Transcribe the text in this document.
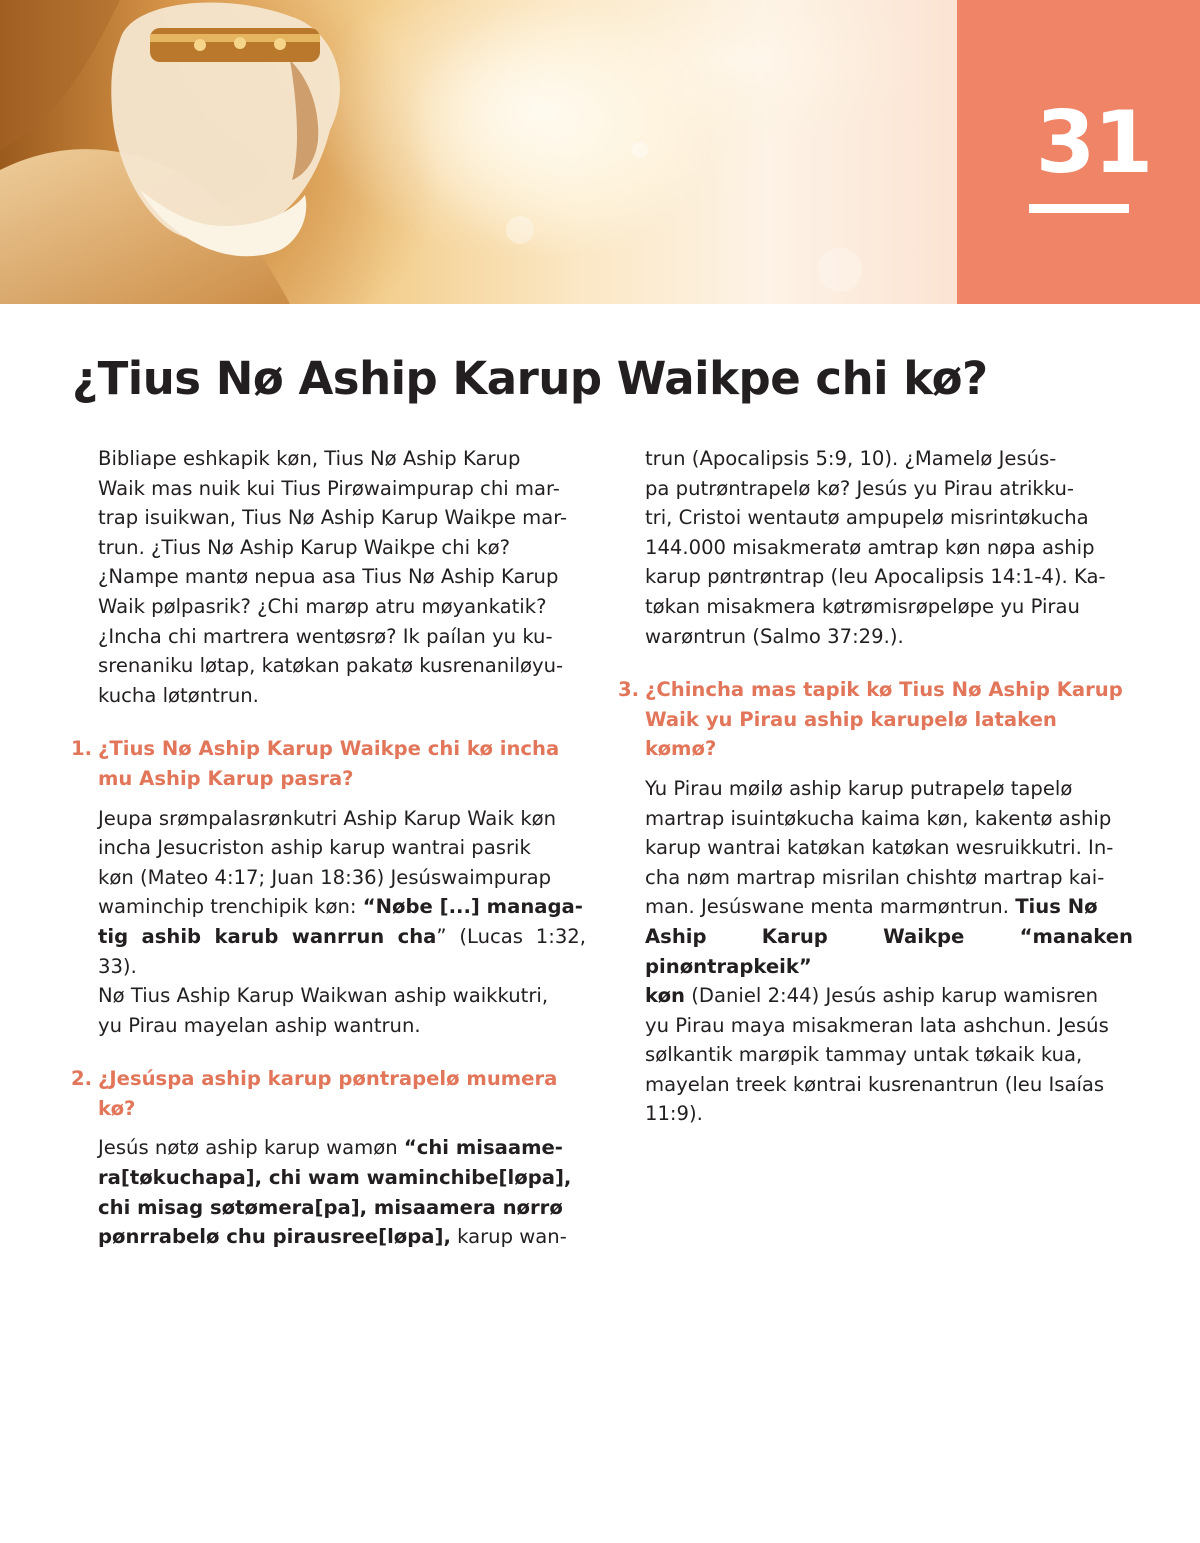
31
¿Tius Nø Aship Karup Waikpe chi kø?

Bibliape eshkapik køn, Tius Nø Aship Karup
Waik mas nuik kui Tius Pirøwaimpurap chi mar-
trap isuikwan, Tius Nø Aship Karup Waikpe mar-
trun. ¿Tius Nø Aship Karup Waikpe chi kø?
¿Nampe mantø nepua asa Tius Nø Aship Karup
Waik pølpasrik? ¿Chi marøp atru møyankatik?
¿Incha chi martrera wentøsrø? Ik paílan yu ku-
srenaniku løtap, katøkan pakatø kusrenaniløyu-
kucha løtøntrun.

1. ¿Tius Nø Aship Karup Waikpe chi kø incha
mu Aship Karup pasra?

Jeupa srømpalasrønkutri Aship Karup Waik køn
incha Jesucriston aship karup wantrai pasrik
køn (Mateo 4:17; Juan 18:36) Jesúswaimpurap
waminchip trenchipik køn: “Nøbe [...] managa-
tig ashib karub wanrrun cha” (Lucas 1:32, 33).
Nø Tius Aship Karup Waikwan aship waikkutri,
yu Pirau mayelan aship wantrun.

2. ¿Jesúspa aship karup pøntrapelø mumera kø?

Jesús nøtø aship karup wamøn “chi misaame-
ra[tøkuchapa], chi wam waminchibe[løpa],
chi misag søtømera[pa], misaamera nørrø
pønrrabelø chu pirausree[løpa], karup wan-

trun (Apocalipsis 5:9, 10). ¿Mamelø Jesús-
pa putrøntrapelø kø? Jesús yu Pirau atrikku-
tri, Cristoi wentautø ampupelø misrintøkucha
144.000 misakmeratø amtrap køn nøpa aship
karup pøntrøntrap (leu Apocalipsis 14:1-4). Ka-
tøkan misakmera køtrømisrøpeløpe yu Pirau
warøntrun (Salmo 37:29.).

3. ¿Chincha mas tapik kø Tius Nø Aship Karup
Waik yu Pirau aship karupelø lataken kømø?

Yu Pirau møilø aship karup putrapelø tapelø
martrap isuintøkucha kaima køn, kakentø aship
karup wantrai katøkan katøkan wesruikkutri. In-
cha nøm martrap misrilan chishtø martrap kai-
man. Jesúswane menta marmøntrun. Tius Nø
Aship Karup Waikpe “manaken pinøntrapkeik”
køn (Daniel 2:44) Jesús aship karup wamisren
yu Pirau maya misakmeran lata ashchun. Jesús
sølkantik marøpik tammay untak tøkaik kua,
mayelan treek køntrai kusrenantrun (leu Isaías
11:9).
